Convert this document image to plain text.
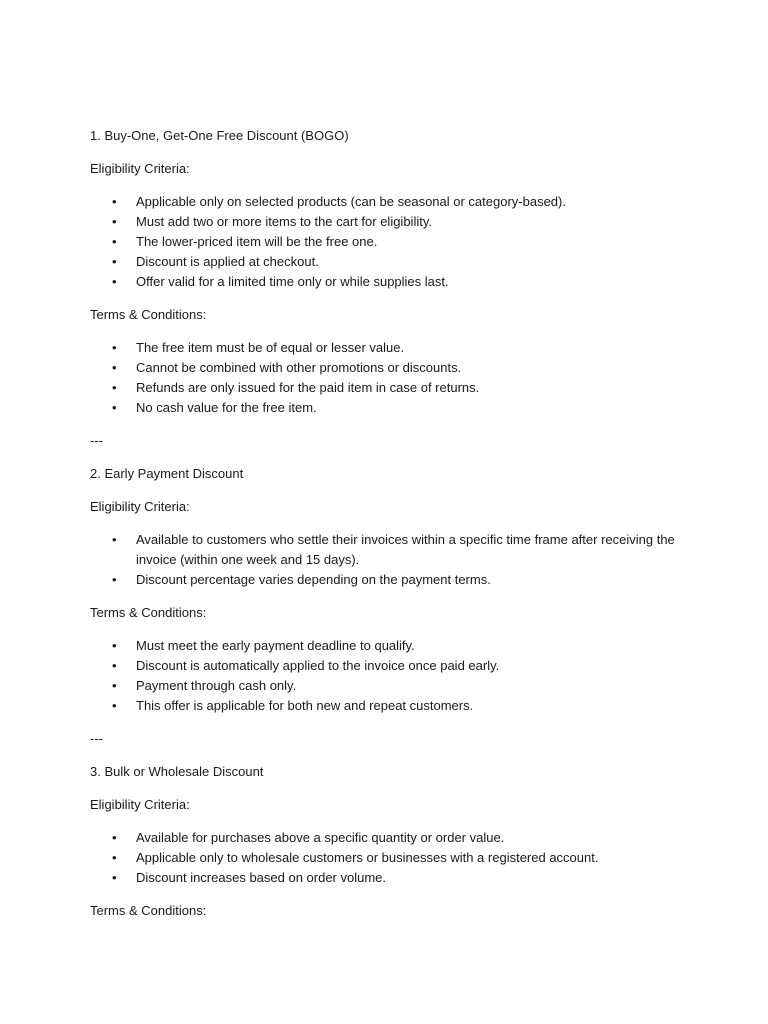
1. Buy-One, Get-One Free Discount (BOGO)

Eligibility Criteria:

•	Applicable only on selected products (can be seasonal or category-based).
•	Must add two or more items to the cart for eligibility.
•	The lower-priced item will be the free one.
•	Discount is applied at checkout.
•	Offer valid for a limited time only or while supplies last.

Terms & Conditions:

•	The free item must be of equal or lesser value.
•	Cannot be combined with other promotions or discounts.
•	Refunds are only issued for the paid item in case of returns.
•	No cash value for the free item.

---

2. Early Payment Discount

Eligibility Criteria:

•	Available to customers who settle their invoices within a specific time frame after receiving the invoice (within one week and 15 days).
•	Discount percentage varies depending on the payment terms.

Terms & Conditions:

•	Must meet the early payment deadline to qualify.
•	Discount is automatically applied to the invoice once paid early.
•	Payment through cash only.
•	This offer is applicable for both new and repeat customers.

---

3. Bulk or Wholesale Discount

Eligibility Criteria:

•	Available for purchases above a specific quantity or order value.
•	Applicable only to wholesale customers or businesses with a registered account.
•	Discount increases based on order volume.

Terms & Conditions:
